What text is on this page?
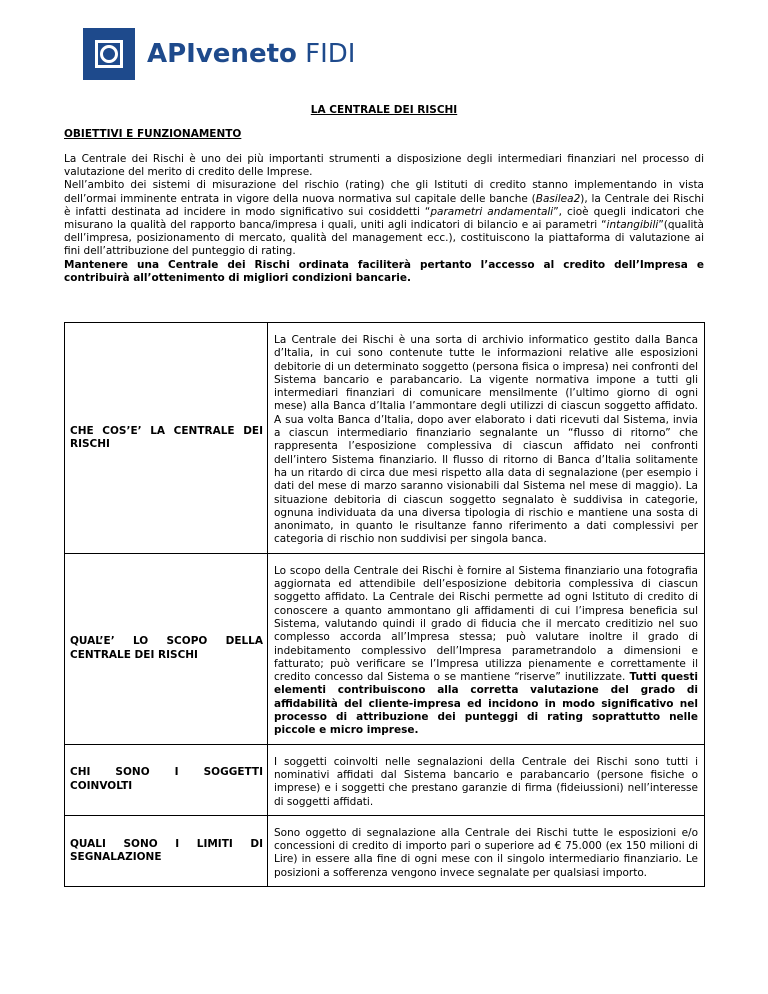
APIveneto FIDI
LA CENTRALE DEI RISCHI
OBIETTIVI E FUNZIONAMENTO

La Centrale dei Rischi è uno dei più importanti strumenti a disposizione degli intermediari finanziari nel processo di valutazione del merito di credito delle Imprese.

Nell’ambito dei sistemi di misurazione del rischio (rating) che gli Istituti di credito stanno implementando in vista dell’ormai imminente entrata in vigore della nuova normativa sul capitale delle banche (Basilea2), la Centrale dei Rischi è infatti destinata ad incidere in modo significativo sui cosiddetti “parametri andamentali”, cioè quegli indicatori che misurano la qualità del rapporto banca/impresa i quali, uniti agli indicatori di bilancio e ai parametri “intangibili”(qualità dell’impresa, posizionamento di mercato, qualità del management ecc.), costituiscono la piattaforma di valutazione ai fini dell’attribuzione del punteggio di rating.

Mantenere una Centrale dei Rischi ordinata faciliterà pertanto l’accesso al credito dell’Impresa e contribuirà all’ottenimento di migliori condizioni bancarie.

CHE COS’E’ LA CENTRALE DEI RISCHI	La Centrale dei Rischi è una sorta di archivio informatico gestito dalla Banca d’Italia, in cui sono contenute tutte le informazioni relative alle esposizioni debitorie di un determinato soggetto (persona fisica o impresa) nei confronti del Sistema bancario e parabancario. La vigente normativa impone a tutti gli intermediari finanziari di comunicare mensilmente (l’ultimo giorno di ogni mese) alla Banca d’Italia l’ammontare degli utilizzi di ciascun soggetto affidato. A sua volta Banca d’Italia, dopo aver elaborato i dati ricevuti dal Sistema, invia a ciascun intermediario finanziario segnalante un “flusso di ritorno” che rappresenta l’esposizione complessiva di ciascun affidato nei confronti dell’intero Sistema finanziario. Il flusso di ritorno di Banca d’Italia solitamente ha un ritardo di circa due mesi rispetto alla data di segnalazione (per esempio i dati del mese di marzo saranno visionabili dal Sistema nel mese di maggio). La situazione debitoria di ciascun soggetto segnalato è suddivisa in categorie, ognuna individuata da una diversa tipologia di rischio e mantiene una sosta di anonimato, in quanto le risultanze fanno riferimento a dati complessivi per categoria di rischio non suddivisi per singola banca.

QUAL’E’ LO SCOPO DELLA CENTRALE DEI RISCHI	Lo scopo della Centrale dei Rischi è fornire al Sistema finanziario una fotografia aggiornata ed attendibile dell’esposizione debitoria complessiva di ciascun soggetto affidato. La Centrale dei Rischi permette ad ogni Istituto di credito di conoscere a quanto ammontano gli affidamenti di cui l’impresa beneficia sul Sistema, valutando quindi il grado di fiducia che il mercato creditizio nel suo complesso accorda all’Impresa stessa; può valutare inoltre il grado di indebitamento complessivo dell’Impresa parametrandolo a dimensioni e fatturato; può verificare se l’Impresa utilizza pienamente e correttamente il credito concesso dal Sistema o se mantiene “riserve” inutilizzate. Tutti questi elementi contribuiscono alla corretta valutazione del grado di affidabilità del cliente-impresa ed incidono in modo significativo nel processo di attribuzione dei punteggi di rating soprattutto nelle piccole e micro imprese.

CHI SONO I SOGGETTI COINVOLTI	I soggetti coinvolti nelle segnalazioni della Centrale dei Rischi sono tutti i nominativi affidati dal Sistema bancario e parabancario (persone fisiche o imprese) e i soggetti che prestano garanzie di firma (fideiussioni) nell’interesse di soggetti affidati.

QUALI SONO I LIMITI DI SEGNALAZIONE	Sono oggetto di segnalazione alla Centrale dei Rischi tutte le esposizioni e/o concessioni di credito di importo pari o superiore ad € 75.000 (ex 150 milioni di Lire) in essere alla fine di ogni mese con il singolo intermediario finanziario. Le posizioni a sofferenza vengono invece segnalate per qualsiasi importo.
